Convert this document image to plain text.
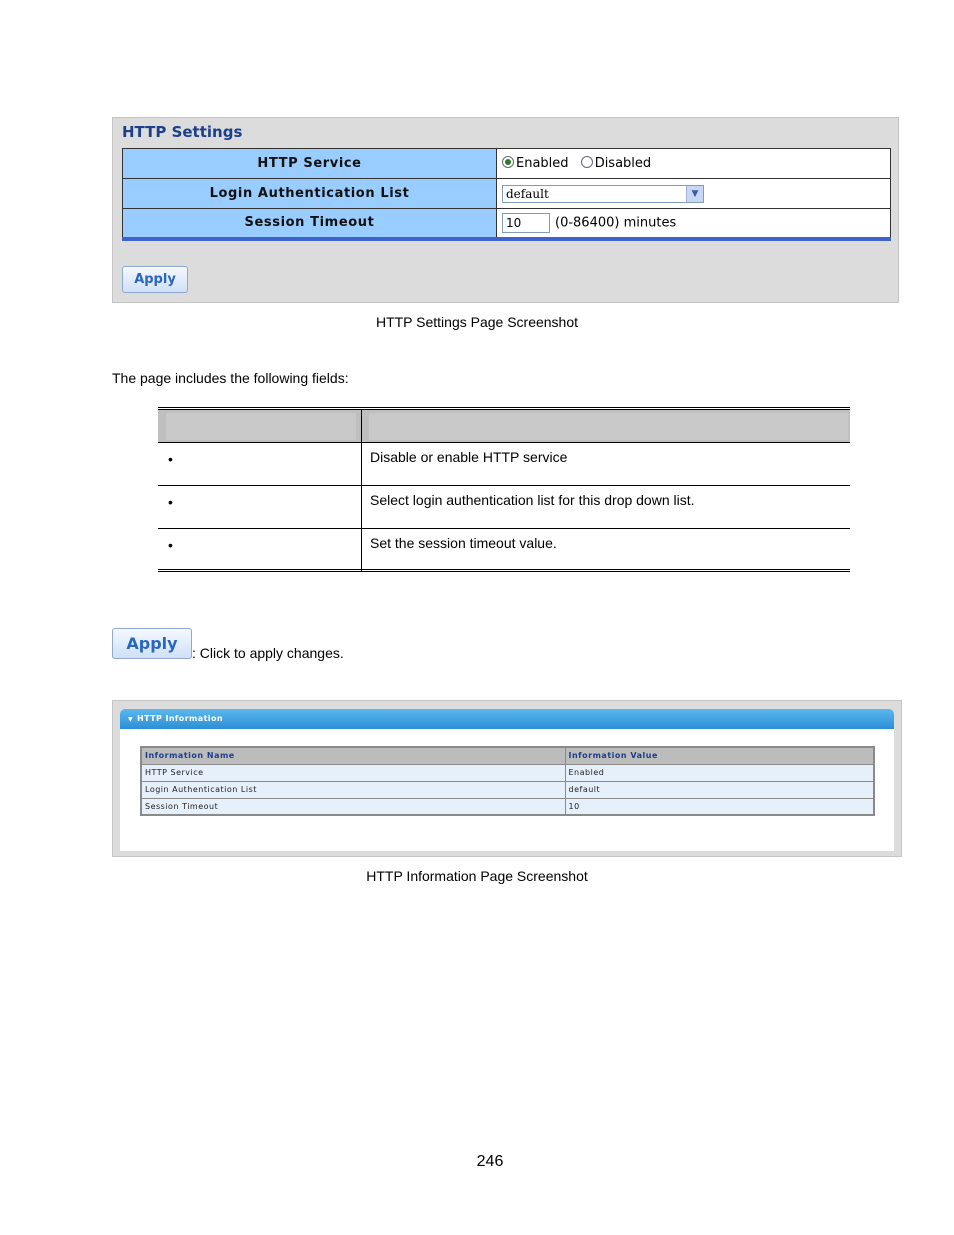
HTTP Settings
HTTP Service	Enabled Disabled
Login Authentication List	default ▼

Session Timeout	10 (0-86400) minutes
Apply
HTTP Settings Page Screenshot
The page includes the following fields:
•	Disable or enable HTTP service
•	Select login authentication list for this drop down list.
•	Set the session timeout value.
Apply	: Click to apply changes.
▼ HTTP Information
Information Name	Information Value
HTTP Service	Enabled
Login Authentication List	default
Session Timeout	10
HTTP Information Page Screenshot
246
